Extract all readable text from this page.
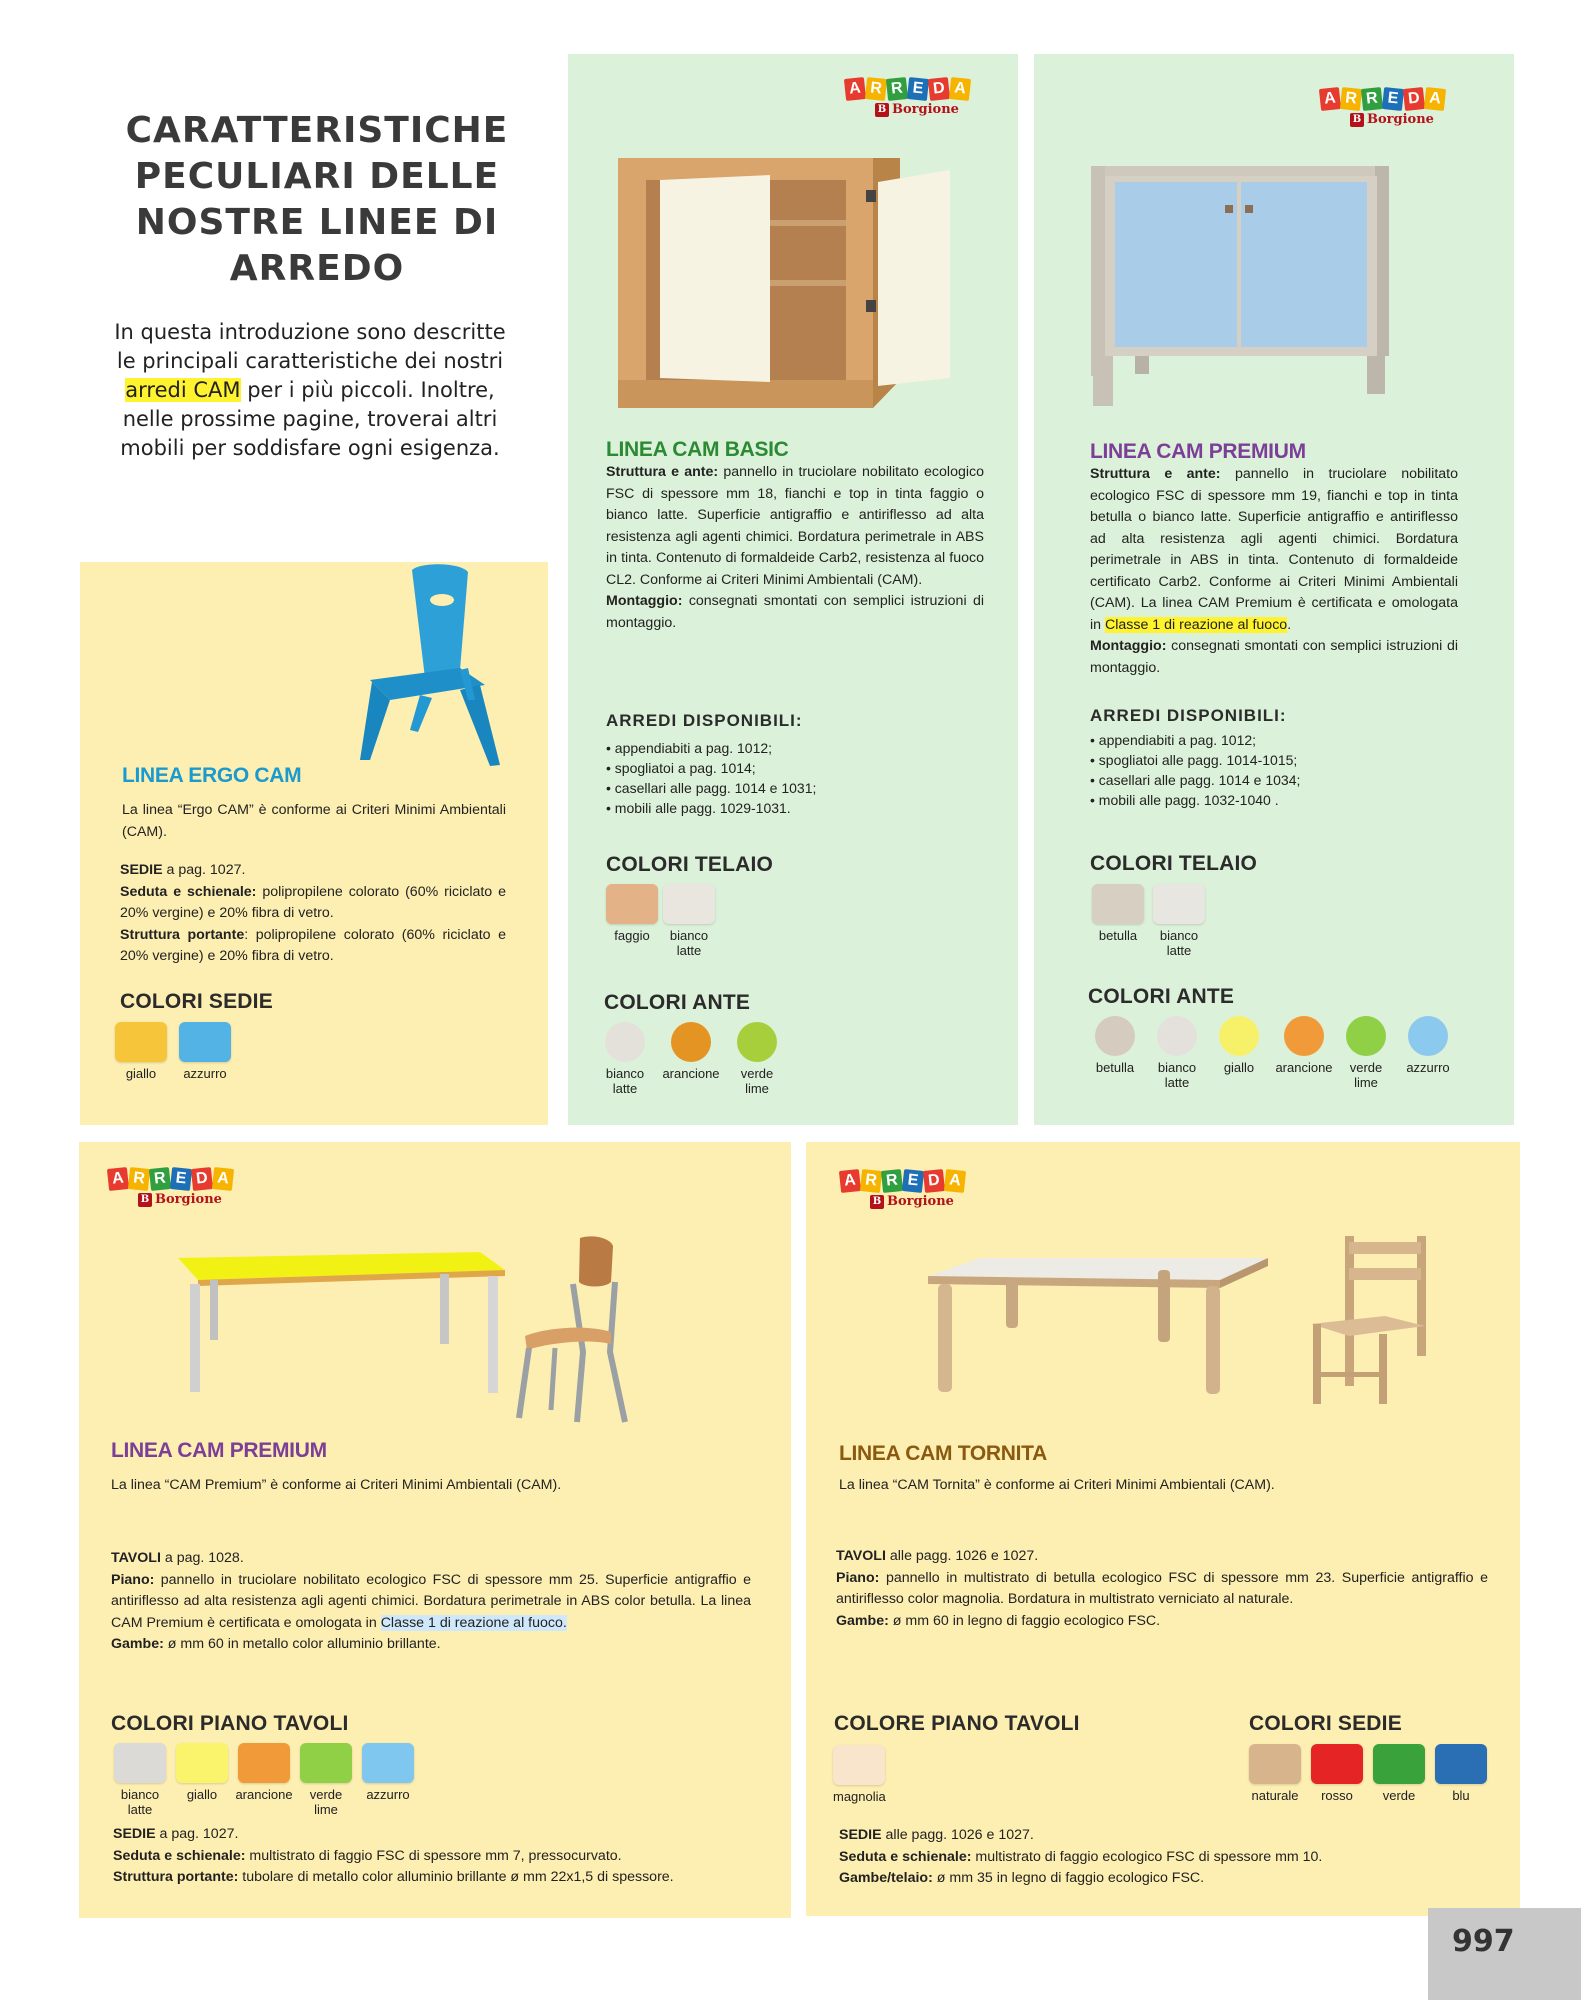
CARATTERISTICHE PECULIARI DELLE NOSTRE LINEE DI ARREDO
In questa introduzione sono descritte le principali caratteristiche dei nostri arredi CAM per i più piccoli. Inoltre, nelle prossime pagine, troverai altri mobili per soddisfare ogni esigenza.
LINEA ERGO CAM
La linea “Ergo CAM” è conforme ai Criteri Minimi Ambientali (CAM).
SEDIE a pag. 1027.
Seduta e schienale: polipropilene colorato (60% riciclato e 20% vergine) e 20% fibra di vetro.
Struttura portante: polipropilene colorato (60% riciclato e 20% vergine) e 20% fibra di vetro.
COLORI SEDIE
giallo azzurro
A R R E D A
B Borgione
LINEA CAM BASIC
Struttura e ante: pannello in truciolare nobilitato ecologico FSC di spessore mm 18, fianchi e top in tinta faggio o bianco latte. Superficie antigraffio e antiriflesso ad alta resistenza agli agenti chimici. Bordatura perimetrale in ABS in tinta. Contenuto di formaldeide Carb2, resistenza al fuoco CL2. Conforme ai Criteri Minimi Ambientali (CAM).
Montaggio: consegnati smontati con semplici istruzioni di montaggio.
ARREDI DISPONIBILI:
• appendiabiti a pag. 1012;
• spogliatoi a pag. 1014;
• casellari alle pagg. 1014 e 1031;
• mobili alle pagg. 1029-1031.
COLORI TELAIO
faggio	bianco latte
COLORI ANTE
bianco latte
arancione	verde lime
A R R E D A
B Borgione
LINEA CAM PREMIUM
Struttura e ante: pannello in truciolare nobilitato ecologico FSC di spessore mm 19, fianchi e top in tinta betulla o bianco latte. Superficie antigraffio e antiriflesso ad alta resistenza agli agenti chimici. Bordatura perimetrale in ABS in tinta. Contenuto di formaldeide certificato Carb2. Conforme ai Criteri Minimi Ambientali (CAM). La linea CAM Premium è certificata e omologata in Classe 1 di reazione al fuoco.
Montaggio: consegnati smontati con semplici istruzioni di montaggio.
ARREDI DISPONIBILI:
• appendiabiti a pag. 1012;
• spogliatoi alle pagg. 1014-1015;
• casellari alle pagg. 1014 e 1034;
• mobili alle pagg. 1032-1040 .
COLORI TELAIO
betulla	bianco latte
COLORI ANTE
betulla	bianco latte
giallo arancione	verde lime
azzurro
A R R E D A
B Borgione
LINEA CAM PREMIUM
La linea “CAM Premium” è conforme ai Criteri Minimi Ambientali (CAM).
TAVOLI a pag. 1028.
Piano: pannello in truciolare nobilitato ecologico FSC di spessore mm 25. Superficie antigraffio e antiriflesso ad alta resistenza agli agenti chimici. Bordatura perimetrale in ABS color betulla. La linea CAM Premium è certificata e omologata in Classe 1 di reazione al fuoco.
Gambe: ø mm 60 in metallo color alluminio brillante.
COLORI PIANO TAVOLI
bianco latte
giallo arancione	verde lime
azzurro
SEDIE a pag. 1027.
Seduta e schienale: multistrato di faggio FSC di spessore mm 7, pressocurvato.
Struttura portante: tubolare di metallo color alluminio brillante ø mm 22x1,5 di spessore.
A R R E D A
B Borgione
LINEA CAM TORNITA
La linea “CAM Tornita” è conforme ai Criteri Minimi Ambientali (CAM).
TAVOLI alle pagg. 1026 e 1027.
Piano: pannello in multistrato di betulla ecologico FSC di spessore mm 23. Superficie antigraffio e antiriflesso color magnolia. Bordatura in multistrato verniciato al naturale.
Gambe: ø mm 60 in legno di faggio ecologico FSC.
COLORE PIANO TAVOLI
magnolia
COLORI SEDIE
naturale rosso verde	blu
SEDIE alle pagg. 1026 e 1027.
Seduta e schienale: multistrato di faggio ecologico FSC di spessore mm 10.
Gambe/telaio: ø mm 35 in legno di faggio ecologico FSC.
997
